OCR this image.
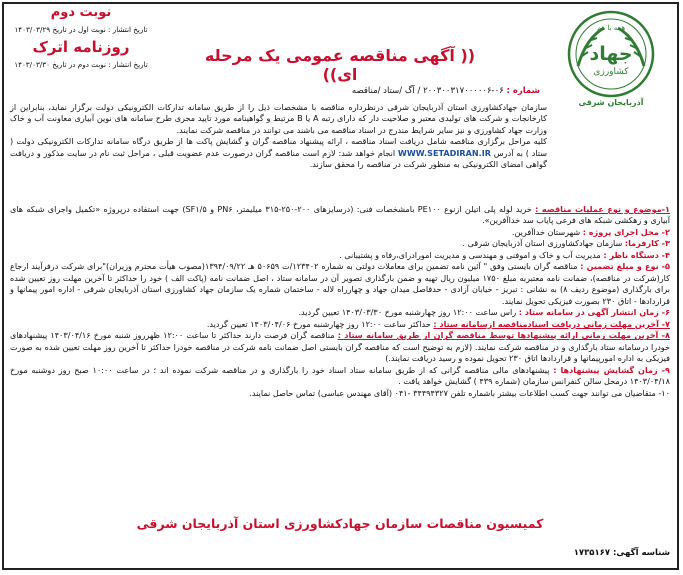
نوبت دوم
تاریخ انتشار : نوبت اول در تاریخ ۱۴۰۳/۰۳/۲۹
روزنامه اترک
تاریخ انتشار : نوبت دوم در تاریخ ۱۴۰۳/۰۳/۳۰	(( آگهی مناقصه عمومی یک مرحله ای))
شماره : ۰۶-۲۰۰۳۰۰۳۱۷۰۰۰۰۰۶ / آگ /ستاد /مناقصه
همه با هم
جهاد
کشاورزی
آذربایجان شرقی

سازمان جهادکشاورزی استان آذربایجان شرقی درنظرداره مناقصه با مشخصات ذیل را از طریق سامانه تدارکات الکترونیکی دولت برگزار نماید، بنابراین از کارخانجات و شرکت های تولیدی معتبر و صلاحیت دار که دارای رتبه A یا B مرتبط و گواهینامه مورد تایید مجری طرح سامانه های نوین آبیاری معاونت آب و خاک وزارت جهاد کشاورزی و نیز سایر شرایط مندرج در اسناد مناقصه می باشند می توانند در مناقصه شرکت نمایند.

کلیه مراحل برگزاری مناقصه شامل دریافت اسناد مناقصه ، ارائه پیشنهاد مناقصه گران و گشایش پاکت ها از طریق درگاه سامانه تدارکات الکترونیکی دولت ( ستاد ) به آدرس WWW.SETADIRAN.IR انجام خواهد شد: لازم است مناقصه گران درصورت عدم عضویت قبلی ، مراحل ثبت نام در سایت مذکور و دریافت گواهی امضای الکترونیکی به منظور شرکت در مناقصه را محقق سازند.

۱-موضوع و نوع عملیات مناقصه : خرید لوله پلی اتیلن ازنوع PE۱۰۰ بامشخصات فنی: (درسایزهای ۲۰۰-۲۵۰-۳۱۵ میلیمتر، PN۶ و SF۱/۵) جهت استفاده درپروژه «تکمیل واجرای شبکه های آبیاری و زهکشی شبکه های فرعی پایاب سد خداآفرین».

۲- محل اجرای پروژه : شهرستان خداآفرین.

۳- کارفرما: سازمان جهادکشاورزی استان آذربایجان شرقی .

۴- دستگاه ناظر : مدیریت آب و خاک و اموفنی و مهندسی و مدیریت امورادرای،رفاه و پشتیبانی .

۵- نوع و مبلغ تضمین : مناقصه گران بایستی وفق " آئین نامه تضمین برای معاملات دولتی به شماره ۱۲۳۴۰۲/ت ۵۰۶۵۹ هـ ۱۳۹۴/۰۹/۲۲(مصوب هیأت محترم وزیران)"برای شرکت درفرآیند ارجاع کار(شرکت در مناقصه)، ضمانت نامه معتبربه مبلغ ۱۷۵۰ میلیون ریال تهیه و ضمن بارگذاری تصویر آن در سامانه ستاد ، اصل ضمانت نامه (پاکت الف ) خود را حداکثر تا آخرین مهلت روز تعیین شده برای بارگذاری (موضوع ردیف ۸) به نشانی : تبریز - خیابان آزادی - حدفاصل میدان جهاد و چهارراه لاله - ساختمان شماره یک سازمان جهاد کشاورزی استان آذربایجان شرقی - اداره امور پیمانها و قراردادها - اتاق ۲۳۰ بصورت فیزیکی تحویل نمایند.

۶- زمان انتشار آگهی در سامانه ستاد : راس ساعت ۱۲:۰۰ روز چهارشنبه مورخ ۱۴۰۳/۰۳/۳۰ تعیین گردید.

۷- آخرین مهلت زمانی دریافت اسنادمناقصه ازسامانه ستاد : حداکثر ساعت ۱۲:۰۰ روز چهارشنبه مورخ ۱۴۰۳/۰۴/۰۶ تعیین گردید.

۸- آخرین مهلت زمانی ارائه پیشنهادها توسط مناقصه گران از طریق سامانه ستاد : مناقصه گران فرصت دارند حداکثر تا ساعت ۱۲:۰۰ ظهرروز شنبه مورخ ۱۴۰۳/۰۴/۱۶ پیشنهادهای خودرا درسامانه ستاد بارگذاری و در مناقصه شرکت نمایند. (لازم به توضیح است که مناقصه گران بایستی اصل ضمانت نامه شرکت در مناقصه خودرا حداکثر تا آخرین روز مهلت تعیین شده به صورت فیزیکی به اداره امورپیمانها و قراردادها اتاق ۲۳۰ تحویل نموده و رسید دریافت نمایند.)

۹- زمان گشایش پیشنهادها : پیشنهادهای مالی مناقصه گرانی که از طریق سامانه ستاد اسناد خود را بارگذاری و در مناقصه شرکت نموده اند ؛ در ساعت ۱۰:۰۰ صبح روز دوشنبه مورخ ۱۴۰۳/۰۴/۱۸ درمحل سالن کنفرانس سازمان (شماره ۴۳۹ ) گشایش خواهد یافت .

۱۰- متقاضیان می توانند جهت کسب اطلاعات بیشتر باشماره تلفن ۳۴۴۹۴۳۲۷ -۰۴۱ (آقای مهندس عباسی) تماس حاصل نمایند.

کمیسیون مناقصات سازمان جهادکشاورزی استان آذربایجان شرقی
شناسه آگهی: ۱۷۳۵۱۶۷
